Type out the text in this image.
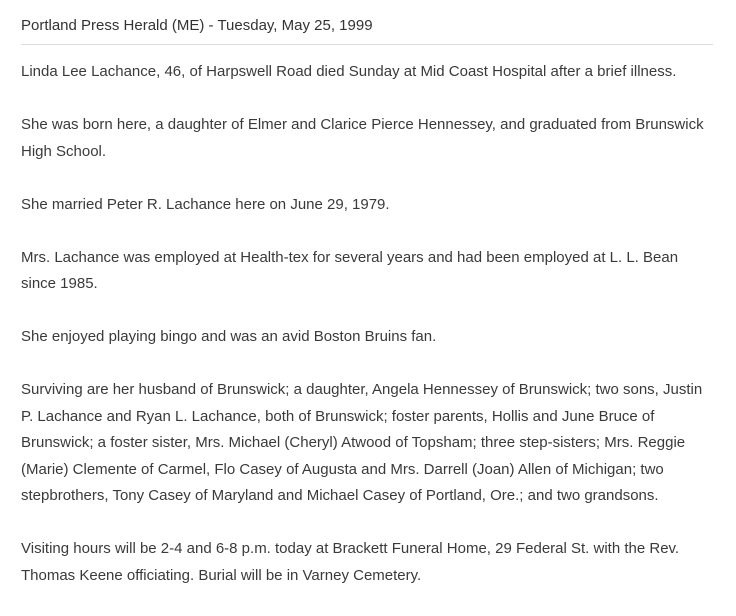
Portland Press Herald (ME) - Tuesday, May 25, 1999

Linda Lee Lachance, 46, of Harpswell Road died Sunday at Mid Coast Hospital after a brief illness.

She was born here, a daughter of Elmer and Clarice Pierce Hennessey, and graduated from Brunswick High School.

She married Peter R. Lachance here on June 29, 1979.

Mrs. Lachance was employed at Health-tex for several years and had been employed at L. L. Bean since 1985.

She enjoyed playing bingo and was an avid Boston Bruins fan.

Surviving are her husband of Brunswick; a daughter, Angela Hennessey of Brunswick; two sons, Justin P. Lachance and Ryan L. Lachance, both of Brunswick; foster parents, Hollis and June Bruce of Brunswick; a foster sister, Mrs. Michael (Cheryl) Atwood of Topsham; three step-sisters; Mrs. Reggie (Marie) Clemente of Carmel, Flo Casey of Augusta and Mrs. Darrell (Joan) Allen of Michigan; two stepbrothers, Tony Casey of Maryland and Michael Casey of Portland, Ore.; and two grandsons.

Visiting hours will be 2-4 and 6-8 p.m. today at Brackett Funeral Home, 29 Federal St. with the Rev. Thomas Keene officiating. Burial will be in Varney Cemetery.
